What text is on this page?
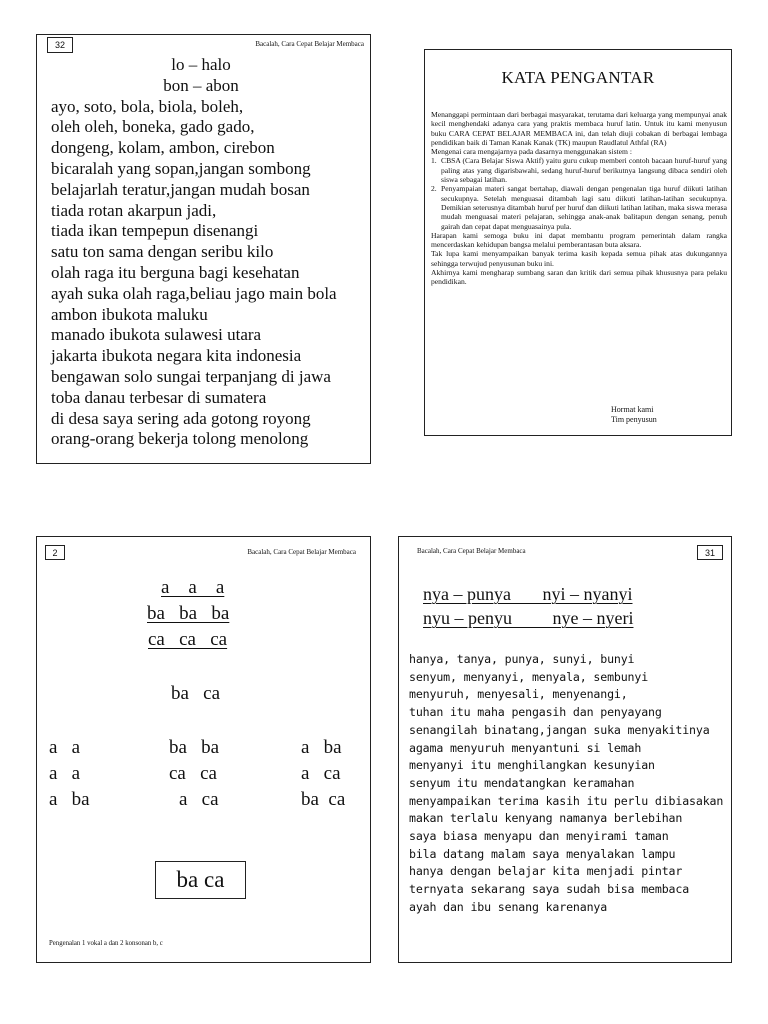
32	Bacalah, Cara Cepat Belajar Membaca
lo – halo
bon – abon
ayo, soto, bola, biola, boleh,
oleh oleh, boneka, gado gado,
dongeng, kolam, ambon, cirebon
bicaralah yang sopan,jangan sombong
belajarlah teratur,jangan mudah bosan
tiada rotan akarpun jadi,
tiada ikan tempepun disenangi
satu ton sama dengan seribu kilo
olah raga itu berguna bagi kesehatan
ayah suka olah raga,beliau jago main bola
ambon ibukota maluku
manado ibukota sulawesi utara
jakarta ibukota negara kita indonesia
bengawan solo sungai terpanjang di jawa
toba danau terbesar di sumatera
di desa saya sering ada gotong royong
orang-orang bekerja tolong menolong
KATA PENGANTAR
Menanggapi permintaan dari berbagai masyarakat, terutama dari keluarga yang mempunyai anak kecil menghendaki adanya cara yang praktis membaca huruf latin. Untuk itu kami menyusun buku CARA CEPAT BELAJAR MEMBACA ini, dan telah diuji cobakan di berbagai lembaga pendidikan baik di Taman Kanak Kanak (TK) maupun Raudlatul Athfal (RA)
Mengenai cara mengajarnya pada dasarnya menggunakan sistem :
1. CBSA (Cara Belajar Siswa Aktif) yaitu guru cukup memberi contoh bacaan huruf-huruf yang paling atas yang digarisbawahi, sedang huruf-huruf berikutnya langsung dibaca sendiri oleh siswa sebagai latihan.
2. Penyampaian materi sangat bertahap, diawali dengan pengenalan tiga huruf diikuti latihan secukupnya. Setelah menguasai ditambah lagi satu diikuti latihan-latihan secukupnya. Demikian seterusnya ditambah huruf per huruf dan diikuti latihan latihan, maka siswa merasa mudah menguasai materi pelajaran, sehingga anak-anak balitapun dengan senang, penuh gairah dan cepat dapat menguasainya pula.
Harapan kami semoga buku ini dapat membantu program pemerintah dalam rangka mencerdaskan kehidupan bangsa melalui pemberantasan buta aksara.
Tak lupa kami menyampaikan banyak terima kasih kepada semua pihak atas dukungannya sehingga terwujud penyusunan buku ini.
Akhirnya kami mengharap sumbang saran dan kritik dari semua pihak khususnya para pelaku pendidikan.
Hormat kami
Tim penyusun
2	Bacalah, Cara Cepat Belajar Membaca
a    a    a
ba   ba   ba
ca   ca   ca
ba   ca
a   a	ba   ba	a   ba
a   a	ca   ca	a   ca
a   ba	a   ca	ba  ca
ba ca
Pengenalan 1 vokal a dan 2 konsonan b, c
Bacalah, Cara Cepat Belajar Membaca	31
nya – punya       nyi – nyanyi
nyu – penyu         nye – nyeri
hanya, tanya, punya, sunyi, bunyi
senyum, menyanyi, menyala, sembunyi
menyuruh, menyesali, menyenangi,
tuhan itu maha pengasih dan penyayang
senangilah binatang,jangan suka menyakitinya
agama menyuruh menyantuni si lemah
menyanyi itu menghilangkan kesunyian
senyum itu mendatangkan keramahan
menyampaikan terima kasih itu perlu dibiasakan
makan terlalu kenyang namanya berlebihan
saya biasa menyapu dan menyirami taman
bila datang malam saya menyalakan lampu
hanya dengan belajar kita menjadi pintar
ternyata sekarang saya sudah bisa membaca
ayah dan ibu senang karenanya
